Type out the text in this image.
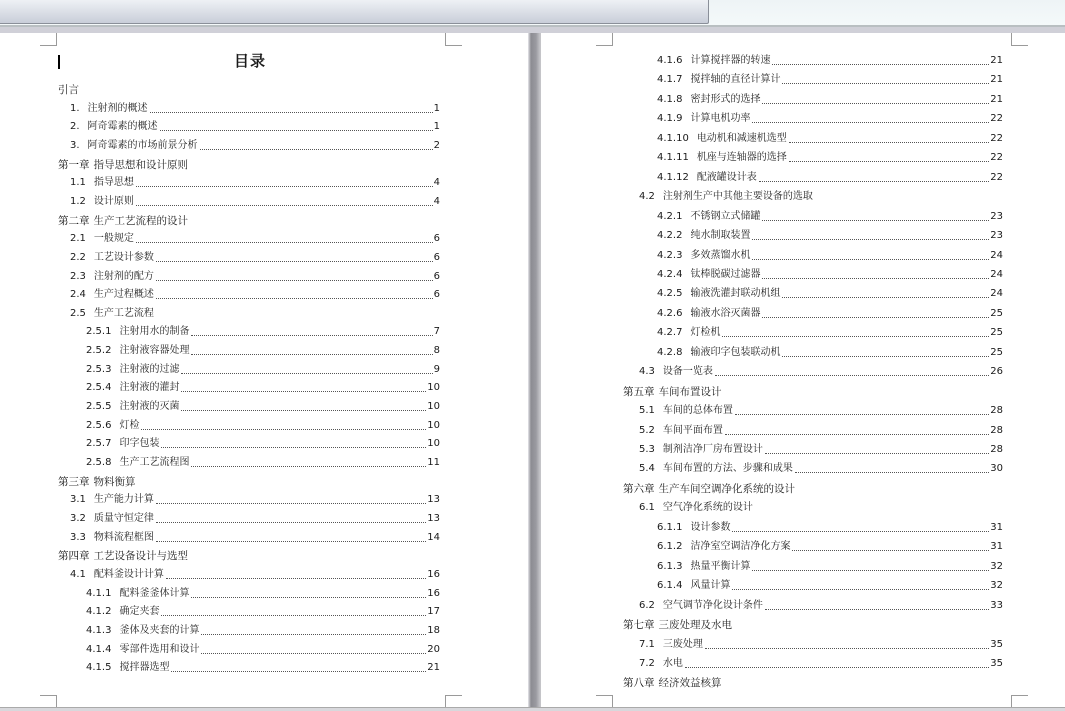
目录
引言
1. 注射剂的概述	1
2. 阿奇霉素的概述	1
3. 阿奇霉素的市场前景分析	2
第一章 指导思想和设计原则
1.1 指导思想	4
1.2 设计原则	4
第二章 生产工艺流程的设计
2.1 一般规定	6
2.2 工艺设计参数	6
2.3 注射剂的配方	6
2.4 生产过程概述	6
2.5 生产工艺流程
2.5.1 注射用水的制备	7
2.5.2 注射液容器处理	8
2.5.3 注射液的过滤	9
2.5.4 注射液的灌封	10
2.5.5 注射液的灭菌	10
2.5.6 灯检	10
2.5.7 印字包装	10
2.5.8 生产工艺流程图	11
第三章 物料衡算
3.1 生产能力计算	13
3.2 质量守恒定律	13
3.3 物料流程框图	14
第四章 工艺设备设计与选型
4.1 配料釜设计计算	16
4.1.1 配料釜釜体计算	16
4.1.2 确定夹套	17
4.1.3 釜体及夹套的计算	18
4.1.4 零部件选用和设计	20
4.1.5 搅拌器选型	21
4.1.6 计算搅拌器的转速	21
4.1.7 搅拌轴的直径计算计	21
4.1.8 密封形式的选择	21
4.1.9 计算电机功率	22
4.1.10 电动机和减速机选型	22
4.1.11 机座与连轴器的选择	22
4.1.12 配液罐设计表	22
4.2 注射剂生产中其他主要设备的选取
4.2.1 不锈钢立式储罐	23
4.2.2 纯水制取装置	23
4.2.3 多效蒸馏水机	24
4.2.4 钛棒脱碳过滤器	24
4.2.5 输液洗灌封联动机组	24
4.2.6 输液水浴灭菌器	25
4.2.7 灯检机	25
4.2.8 输液印字包装联动机	25
4.3 设备一览表	26
第五章 车间布置设计
5.1 车间的总体布置	28
5.2 车间平面布置	28
5.3 制剂洁净厂房布置设计	28
5.4 车间布置的方法、步骤和成果	30
第六章 生产车间空调净化系统的设计
6.1 空气净化系统的设计
6.1.1 设计参数	31
6.1.2 洁净室空调洁净化方案	31
6.1.3 热量平衡计算	32
6.1.4 风量计算	32
6.2 空气调节净化设计条件	33
第七章 三废处理及水电
7.1 三废处理	35
7.2 水电	35
第八章 经济效益核算
